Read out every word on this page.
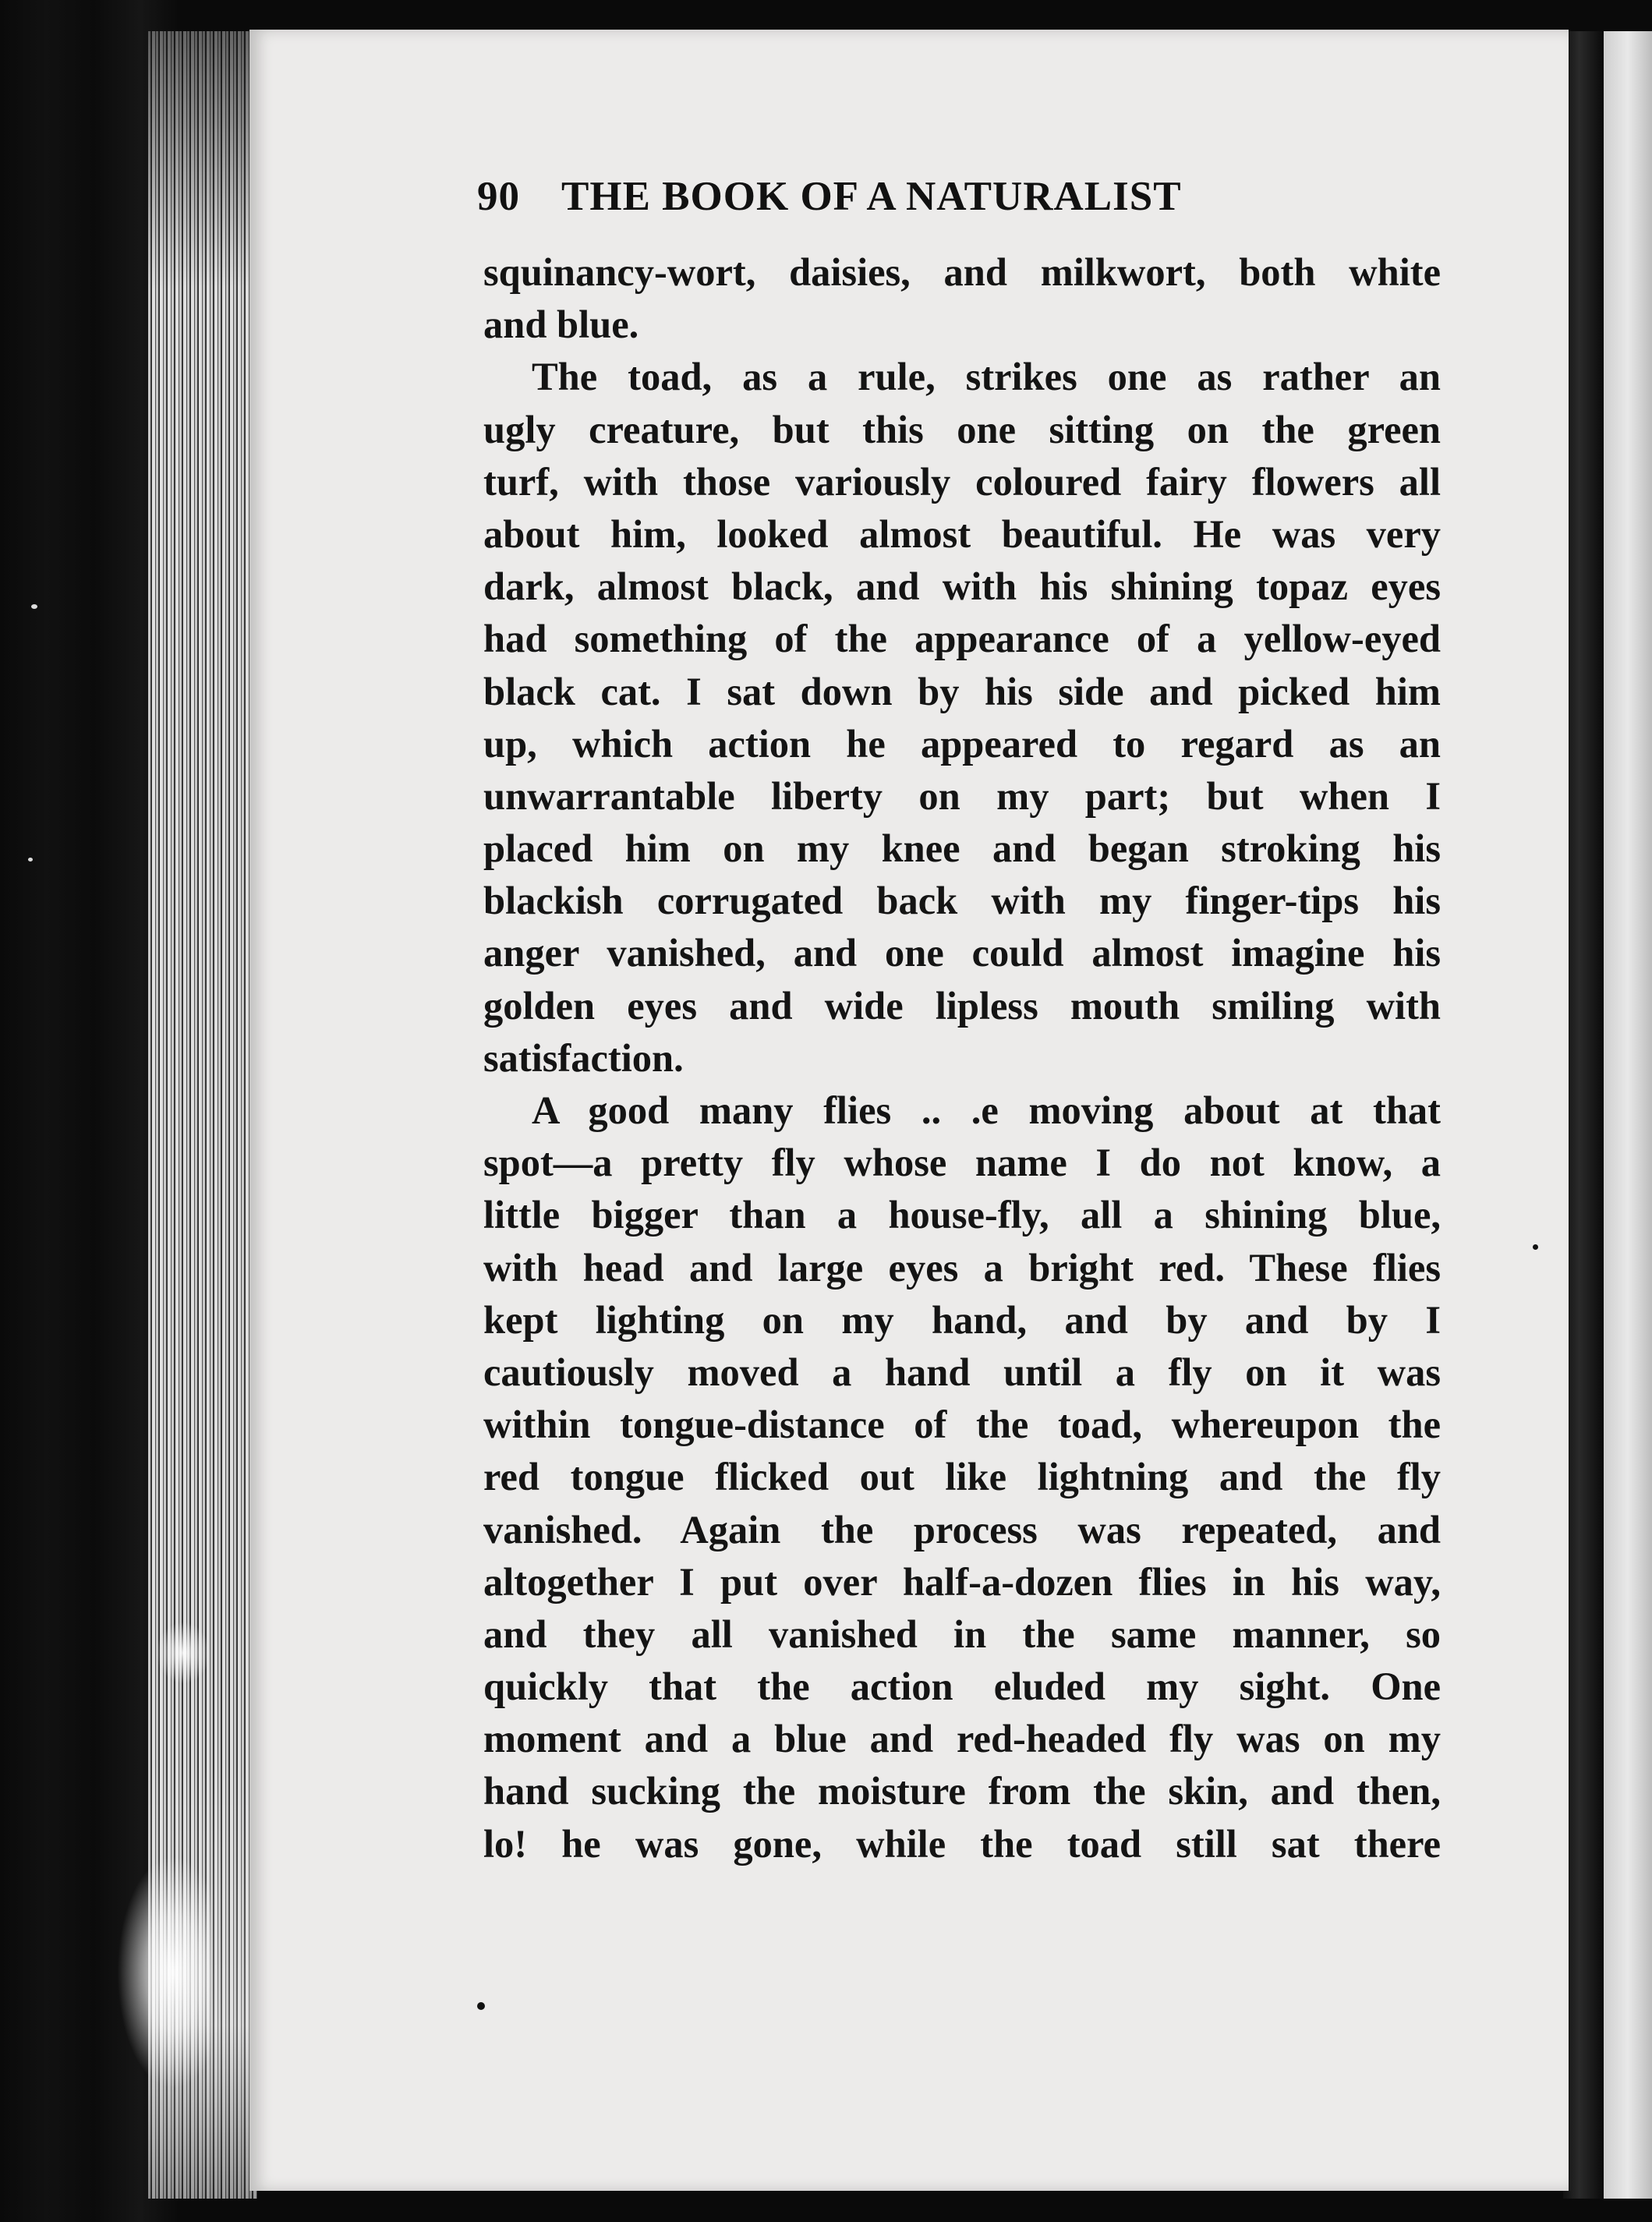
90 THE BOOK OF A NATURALIST
squinancy-wort, daisies, and milkwort, both white
and blue.
The toad, as a rule, strikes one as rather an
ugly creature, but this one sitting on the green
turf, with those variously coloured fairy flowers all
about him, looked almost beautiful. He was very
dark, almost black, and with his shining topaz eyes
had something of the appearance of a yellow-eyed
black cat. I sat down by his side and picked him
up, which action he appeared to regard as an
unwarrantable liberty on my part; but when I
placed him on my knee and began stroking his
blackish corrugated back with my finger-tips his
anger vanished, and one could almost imagine his
golden eyes and wide lipless mouth smiling with
satisfaction.
A good many flies .. .e moving about at that
spot—a pretty fly whose name I do not know, a
little bigger than a house-fly, all a shining blue,
with head and large eyes a bright red. These flies
kept lighting on my hand, and by and by I
cautiously moved a hand until a fly on it was
within tongue-distance of the toad, whereupon the
red tongue flicked out like lightning and the fly
vanished. Again the process was repeated, and
altogether I put over half-a-dozen flies in his way,
and they all vanished in the same manner, so
quickly that the action eluded my sight. One
moment and a blue and red-headed fly was on my
hand sucking the moisture from the skin, and then,
lo! he was gone, while the toad still sat there
